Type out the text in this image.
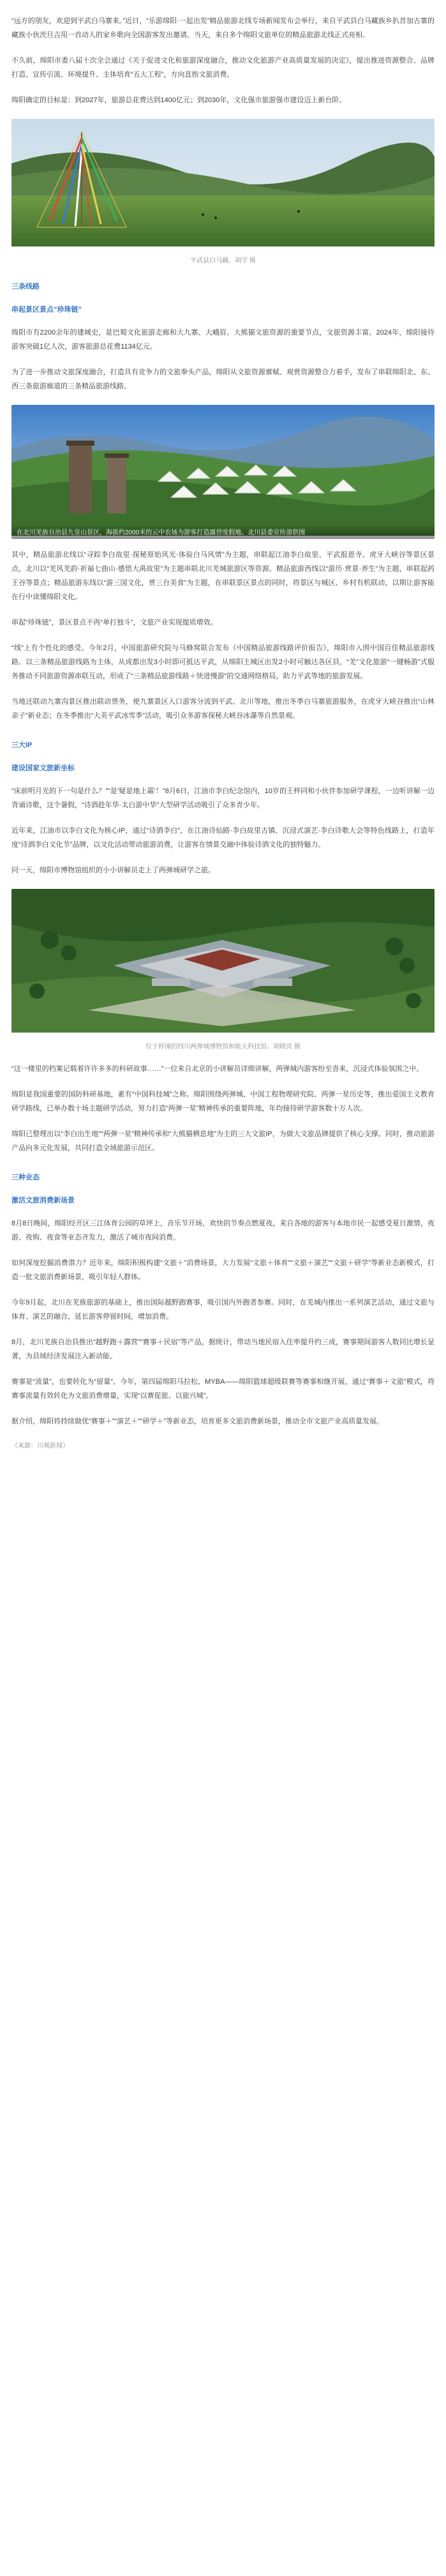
“远方的朋友，欢迎到平武白马寨来。”近日，“乐游绵阳·一起出发”精品旅游北线专场新闻发布会举行，来自平武县白马藏族乡扒昔加古寨的藏族小伙茨旦吉用一首动人的家乡歌向全国游客发出邀请。当天，来自多个绵阳文旅单位的精品旅游北线正式亮相。

不久前，绵阳市委八届十次全会通过《关于促进文化和旅游深度融合，推动文化旅游产业高质量发展的决定》，提出推进资源整合、品牌打造、宣传引流、环境提升、主体培育“五大工程”，方向直指文旅消费。

绵阳确定的目标是：到2027年，旅游总花费达到1400亿元；到2030年，文化强市旅游强市建设迈上新台阶。

平武县白马藏。胡学 摄
三条线路
串起景区景点“珍珠链”

绵阳市有2200余年的建城史，是巴蜀文化旅游走廊和大九寨、大峨眉、大熊猫文旅资源的重要节点，文旅资源丰富。2024年，绵阳接待游客突破1亿人次，游客旅游总花费1134亿元。

为了进一步推动文旅深度融合，打造具有竞争力的文旅拳头产品，绵阳从文旅资源禀赋、观赏资源整合力着手，发布了串联绵阳北、东、西三条旅游廊道的三条精品旅游线路。

在北川羌族自治县九皇山景区，海拔约2000米的云中农场为游客打造露营度假地。北川县委宣传部供图

其中，精品旅游北线以“寻踪李白故里·探秘原始风光·体验白马风情”为主题，串联起江油李白故里、平武报恩寺、虎牙大峡谷等景区景点，北川以“羌风羌韵·祈福七曲山·感悟大禹故里”为主题串联北川羌城旅游区等资源。精品旅游西线以“游历·赏景·养生”为主题，串联起药王谷等景点；精品旅游东线以“游三国文化，赏三台美食”为主题，在串联景区景点的同时，将景区与城区、乡村有机联动，以期让游客能在行中读懂绵阳文化。

串起“珍珠链”，景区景点不再“单打独斗”，文旅产业实现提质增效。

“线”上有个性化的感受。今年2月，中国旅游研究院与马蜂窝联合发布《中国精品旅游线路评价报告》，绵阳市入围中国百佳精品旅游线路。以三条精品旅游线路为主体，从成都出发3小时即可抵达平武，从绵阳主城区出发2小时可触达各区县，“羌”文化旅游“一键畅游”式服务推动不同旅游资源串联互动，形成了“三条精品旅游线路＋快进慢游”的交通网络格局，助力平武等地的旅游发展。

当地还联动九寨沟景区推出联动票务，使九寨景区入口游客分流到平武、北川等地，推出冬季白马寨旅游服务，在虎牙大峡谷推出“山林亲子”新业态；在冬季推出“大美平武冰雪季”活动，吸引众多游客探秘大峡谷冰瀑等自然景观。

三大IP
建设国家文旅新坐标

“床前明月光的下一句是什么？”“是‘疑是地上霜’！”8月6日，江油市李白纪念馆内，10岁的王梓同和小伙伴参加研学课程，一边听讲解一边背诵诗歌，这个暑假，“诗酒趁年华·太白游中华”大型研学活动吸引了众多青少年。

近年来，江油市以李白文化为核心IP，通过“诗酒李白”，在江油诗仙路·李白故里古镇、沉浸式演艺·李白诗歌大会等特色线路上，打造年度“诗酒李白文化节”品牌，以文化活动带动旅游消费，让游客在情景交融中体验诗酒文化的独特魅力。

同一天，绵阳市博物馆组织的小小讲解员走上了两弹城研学之旅。

位于梓潼的四川两弹城博物馆和航天科技馆。胡晓宾 摄

“这一楼里的档案记载着许许多多的科研故事……”一位来自北京的小讲解员详细讲解，两弹城内游客纷至沓来，沉浸式体验氛围之中。

绵阳是我国重要的国防科研基地，素有“中国科技城”之称。绵阳围绕两弹城、中国工程物理研究院、两弹一星历史等，推出爱国主义教育研学路线，已举办数十场主题研学活动，努力打造“两弹一星”精神传承的重要阵地，年均接待研学游客数十万人次。

绵阳已整理出以“李白出生地”“两弹一星”精神传承和“大熊猫栖息地”为主的三大文旅IP，为做大文旅品牌提供了核心支撑。同时，推动旅游产品向多元化发展，共同打造全域旅游示范区。

三种业态
激活文旅消费新场景

8月8日晚间，绵阳经开区三江体育公园的草坪上，音乐节开场，欢快的节奏点燃夏夜，来自各地的游客与本地市民一起感受夏日激情，夜游、夜购、夜食等业态齐发力，激活了城市夜间消费。

如何深度挖掘消费潜力？近年来，绵阳积极构建“文旅＋”消费场景，大力发展“文旅＋体育”“文旅＋演艺”“文旅＋研学”等新业态新模式，打造一批文旅消费新场景，吸引年轻人群体。

今年9月起，北川在羌族旅游的基础上，推出国际越野跑赛事，吸引国内外跑者参赛。同时，在羌城内推出一系列演艺活动，通过文旅与体育、演艺的融合，延长游客停留时间，增加消费。

8月，北川羌族自治县推出“越野跑＋露营”“赛事＋民宿”等产品，据统计，带动当地民宿入住率提升约三成，赛事期间游客人数同比增长显著，为县域经济发展注入新动能。

赛事是“流量”，也要转化为“留量”。今年，第四届绵阳马拉松、MYBA——绵阳篮球超级联赛等赛事相继开展，通过“赛事＋文旅”模式，将赛事流量有效转化为文旅消费增量，实现“以赛促旅、以旅兴城”。

据介绍，绵阳将持续做优“赛事＋”“演艺＋”“研学＋”等新业态，培育更多文旅消费新场景，推动全市文旅产业高质量发展。

（来源：川观新闻）
